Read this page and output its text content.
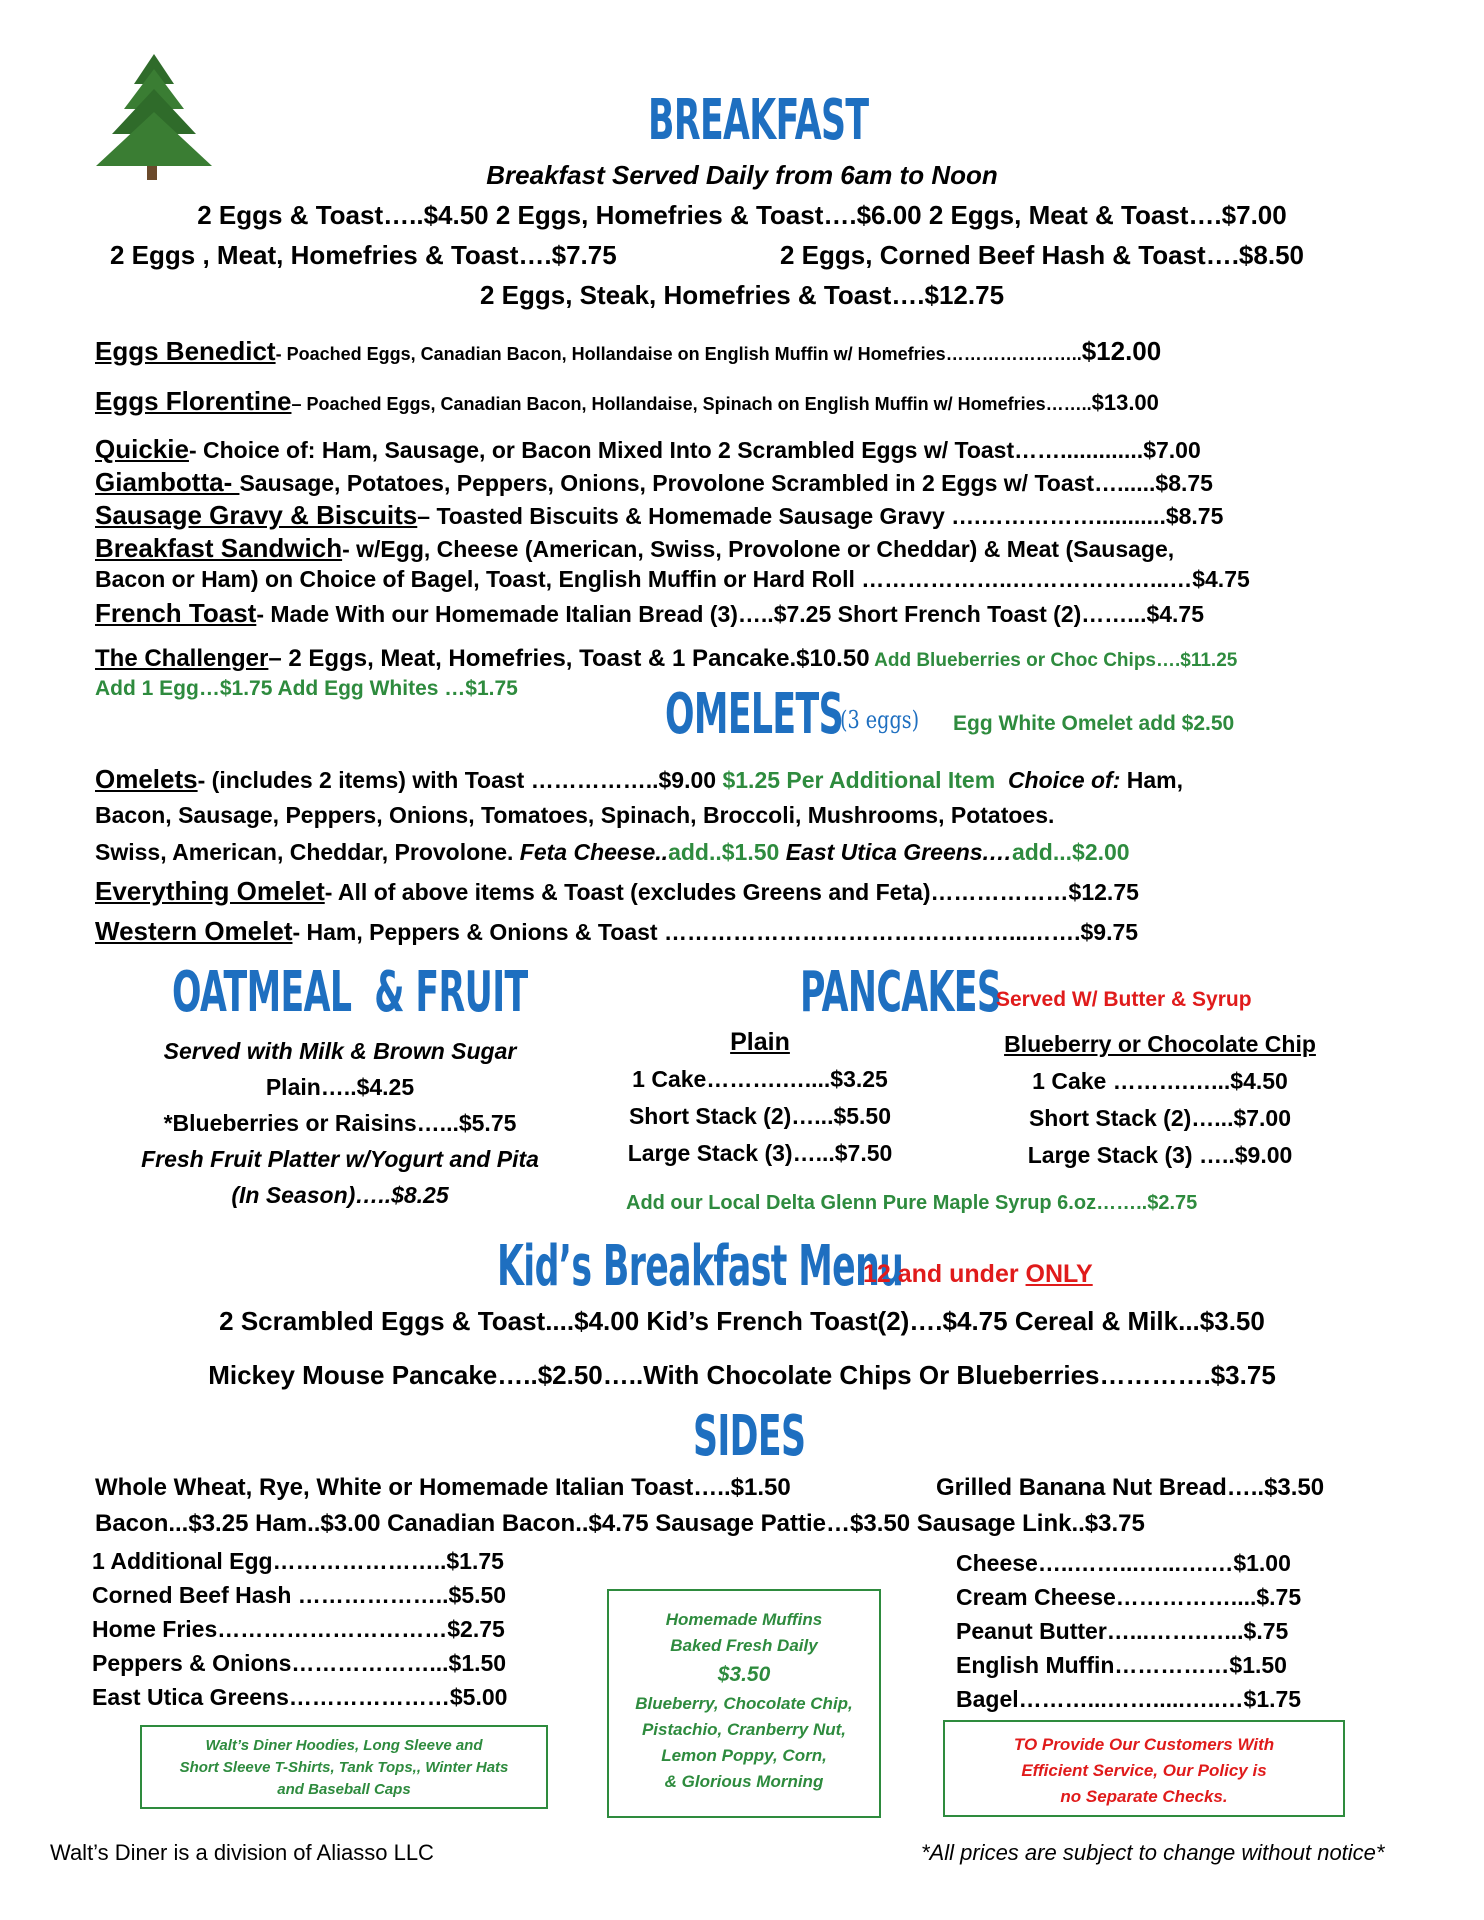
BREAKFAST
Breakfast Served Daily from 6am to Noon
2 Eggs & Toast…..$4.50 2 Eggs, Homefries & Toast….$6.00 2 Eggs, Meat & Toast….$7.00
2 Eggs , Meat, Homefries & Toast….$7.75	2 Eggs, Corned Beef Hash & Toast….$8.50
2 Eggs, Steak, Homefries & Toast….$12.75
Eggs Benedict- Poached Eggs, Canadian Bacon, Hollandaise on English Muffin w/ Homefries…………………..$12.00
Eggs Florentine– Poached Eggs, Canadian Bacon, Hollandaise, Spinach on English Muffin w/ Homefries……..$13.00
Quickie- Choice of: Ham, Sausage, or Bacon Mixed Into 2 Scrambled Eggs w/ Toast…….............$7.00
Giambotta- Sausage, Potatoes, Peppers, Onions, Provolone Scrambled in 2 Eggs w/ Toast…......$8.75
Sausage Gravy & Biscuits– Toasted Biscuits & Homemade Sausage Gravy ….……………...........$8.75
Breakfast Sandwich- w/Egg, Cheese (American, Swiss, Provolone or Cheddar) & Meat (Sausage,
Bacon or Ham) on Choice of Bagel, Toast, English Muffin or Hard Roll ………………..………………...…$4.75
French Toast- Made With our Homemade Italian Bread (3)…..$7.25 Short French Toast (2)……...$4.75
The Challenger– 2 Eggs, Meat, Homefries, Toast & 1 Pancake.$10.50 Add Blueberries or Choc Chips….$11.25
Add 1 Egg…$1.75 Add Egg Whites …$1.75	OMELETS
(3 eggs) Egg White Omelet add $2.50
Omelets- (includes 2 items) with Toast ……………..$9.00 $1.25 Per Additional Item Choice of: Ham,
Bacon, Sausage, Peppers, Onions, Tomatoes, Spinach, Broccoli, Mushrooms, Potatoes.
Swiss, American, Cheddar, Provolone. Feta Cheese..add..$1.50 East Utica Greens.…add...$2.00
Everything Omelet- All of above items & Toast (excludes Greens and Feta)………………$12.75
Western Omelet- Ham, Peppers & Onions & Toast ………………………………………...…….$9.75
OATMEAL  & FRUIT
Served with Milk & Brown Sugar
Plain…..$4.25
*Blueberries or Raisins…...$5.75
Fresh Fruit Platter w/Yogurt and Pita
(In Season)…..$8.25
PANCAKES
Served W/ Butter & Syrup
Plain
1 Cake……….…....$3.25
Short Stack (2)…...$5.50
Large Stack (3)…...$7.50
Blueberry or Chocolate Chip
1 Cake ……….…...$4.50
Short Stack (2)…...$7.00
Large Stack (3) …..$9.00
Add our Local Delta Glenn Pure Maple Syrup 6.oz……..$2.75
Kid’s Breakfast Menu
12 and under ONLY
2 Scrambled Eggs & Toast....$4.00 Kid’s French Toast(2)….$4.75 Cereal & Milk...$3.50
Mickey Mouse Pancake…..$2.50…..With Chocolate Chips Or Blueberries………….$3.75
SIDES
Whole Wheat, Rye, White or Homemade Italian Toast…..$1.50	Grilled Banana Nut Bread…..$3.50
Bacon...$3.25 Ham..$3.00 Canadian Bacon..$4.75 Sausage Pattie…$3.50 Sausage Link..$3.75
1 Additional Egg…………………..$1.75
Corned Beef Hash ………………..$5.50
Home Fries…………………………$2.75
Peppers & Onions………………...$1.50
East Utica Greens…………………$5.00
Cheese…..……...…...….…$1.00
Cream Cheese……………....$.75
Peanut Butter…...…….…...$.75
English Muffin……………$1.50
Bagel………...…….....…..…$1.75
Walt’s Diner Hoodies, Long Sleeve and
Short Sleeve T-Shirts, Tank Tops,, Winter Hats
and Baseball Caps
Homemade Muffins
Baked Fresh Daily
$3.50
Blueberry, Chocolate Chip,
Pistachio, Cranberry Nut,
Lemon Poppy, Corn,
& Glorious Morning
TO Provide Our Customers With
Efficient Service, Our Policy is
no Separate Checks.
Walt’s Diner is a division of Aliasso LLC	*All prices are subject to change without notice*
